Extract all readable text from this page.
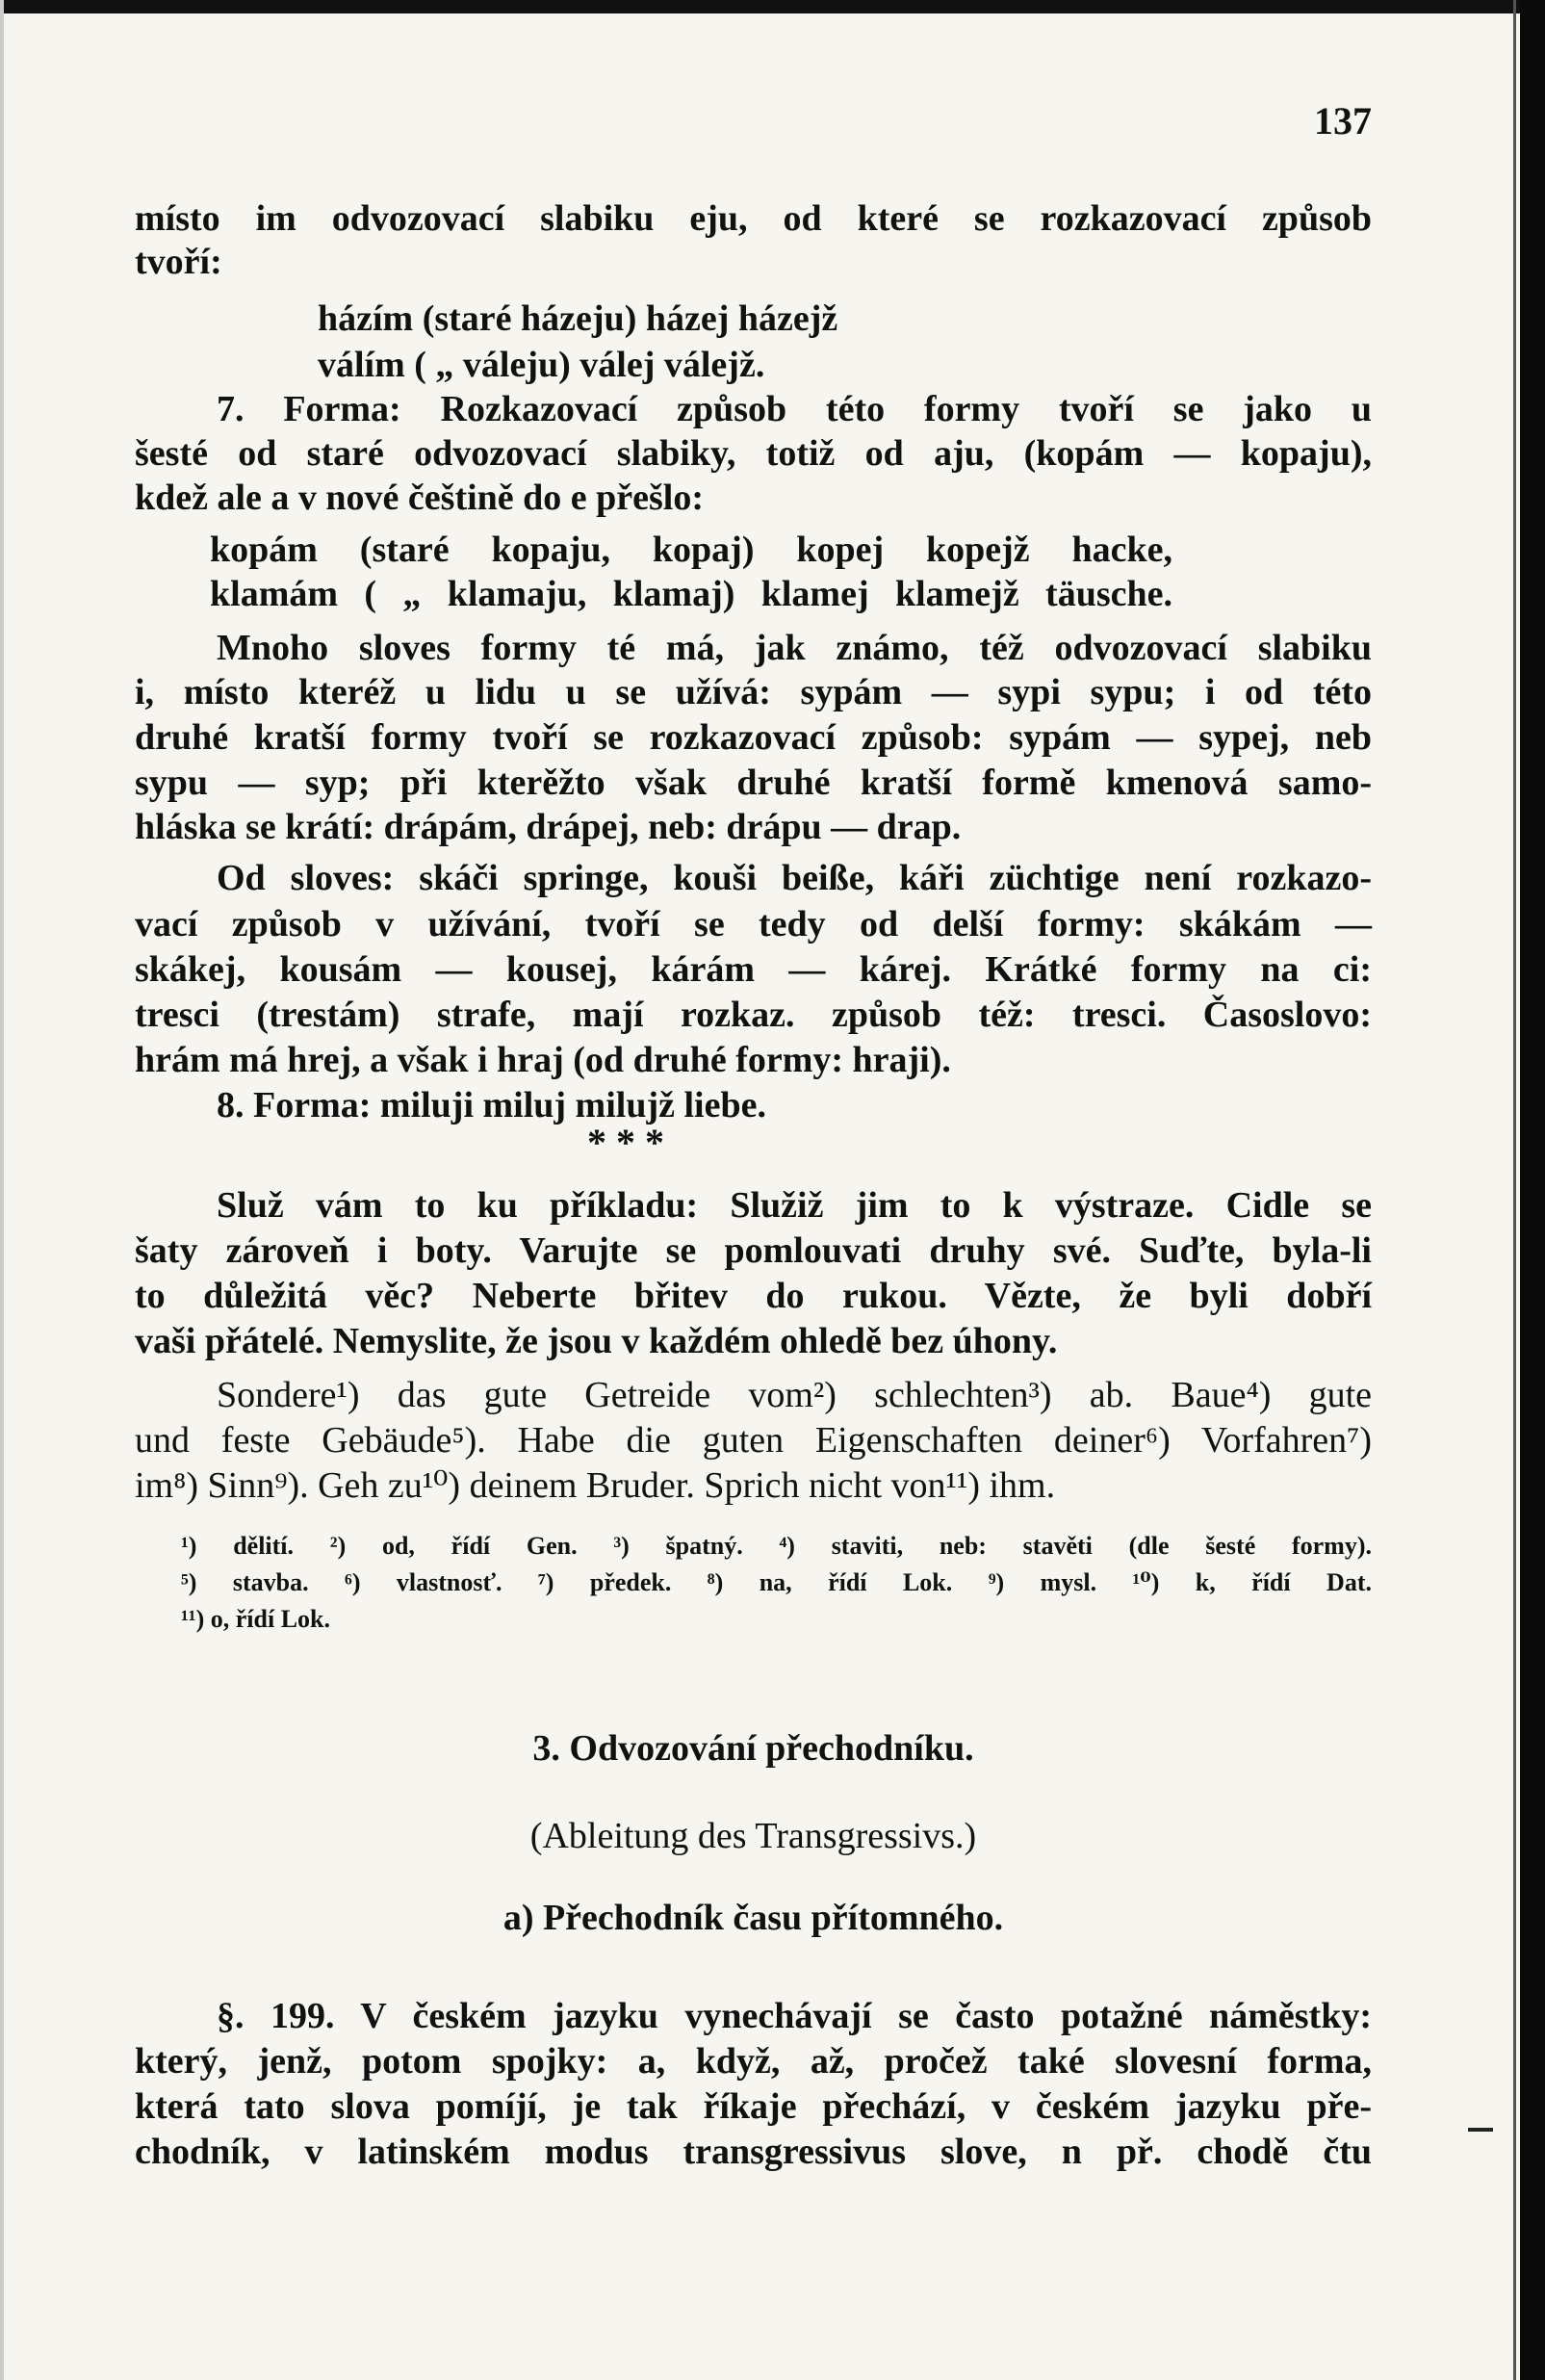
137
místo im odvozovací slabiku eju, od které se rozkazovací způsob
tvoří:
házím (staré házeju) házej házejž
válím ( „ váleju) válej válejž.
7. Forma: Rozkazovací způsob této formy tvoří se jako u
šesté od staré odvozovací slabiky, totiž od aju, (kopám — kopaju),
kdež ale a v nové češtině do e přešlo:
kopám (staré kopaju, kopaj) kopej kopejž hacke,
klamám ( „ klamaju, klamaj) klamej klamejž täusche.
Mnoho sloves formy té má, jak známo, též odvozovací slabiku
i, místo kteréž u lidu u se užívá: sypám — sypi sypu; i od této
druhé kratší formy tvoří se rozkazovací způsob: sypám — sypej, neb
sypu — syp; při kterěžto však druhé kratší formě kmenová samo-
hláska se krátí: drápám, drápej, neb: drápu — drap.
Od sloves: skáči springe, kouši beiße, káři züchtige není rozkazo-
vací způsob v užívání, tvoří se tedy od delší formy: skákám —
skákej, kousám — kousej, kárám — kárej. Krátké formy na ci:
tresci (trestám) strafe, mají rozkaz. způsob též: tresci. Časoslovo:
hrám má hrej, a však i hraj (od druhé formy: hraji).
8. Forma: miluji miluj milujž liebe.
Služ vám to ku příkladu: Služiž jim to k výstraze. Cidle se
šaty zároveň i boty. Varujte se pomlouvati druhy své. Suďte, byla-li
to důležitá věc? Neberte břitev do rukou. Vězte, že byli dobří
vaši přátelé. Nemyslite, že jsou v každém ohledě bez úhony.
Sondere¹) das gute Getreide vom²) schlechten³) ab. Baue⁴) gute
und feste Gebäude⁵). Habe die guten Eigenschaften deiner⁶) Vorfahren⁷)
im⁸) Sinn⁹). Geh zu¹⁰) deinem Bruder. Sprich nicht von¹¹) ihm.
3. Odvozování přechodníku.
(Ableitung des Transgressivs.)
a) Přechodník času přítomného.
§. 199. V českém jazyku vynechávají se často potažné náměstky:
který, jenž, potom spojky: a, když, až, pročež také slovesní forma,
která tato slova pomíjí, je tak říkaje přechází, v českém jazyku pře-
chodník, v latinském modus transgressivus slove, n př. chodě čtu
* * *
¹) dělití. ²) od, řídí Gen. ³) špatný. ⁴) staviti, neb: stavěti (dle šesté formy).
⁵) stavba. ⁶) vlastnosť. ⁷) předek. ⁸) na, řídí Lok. ⁹) mysl. ¹⁰) k, řídí Dat.
¹¹) o, řídí Lok.
